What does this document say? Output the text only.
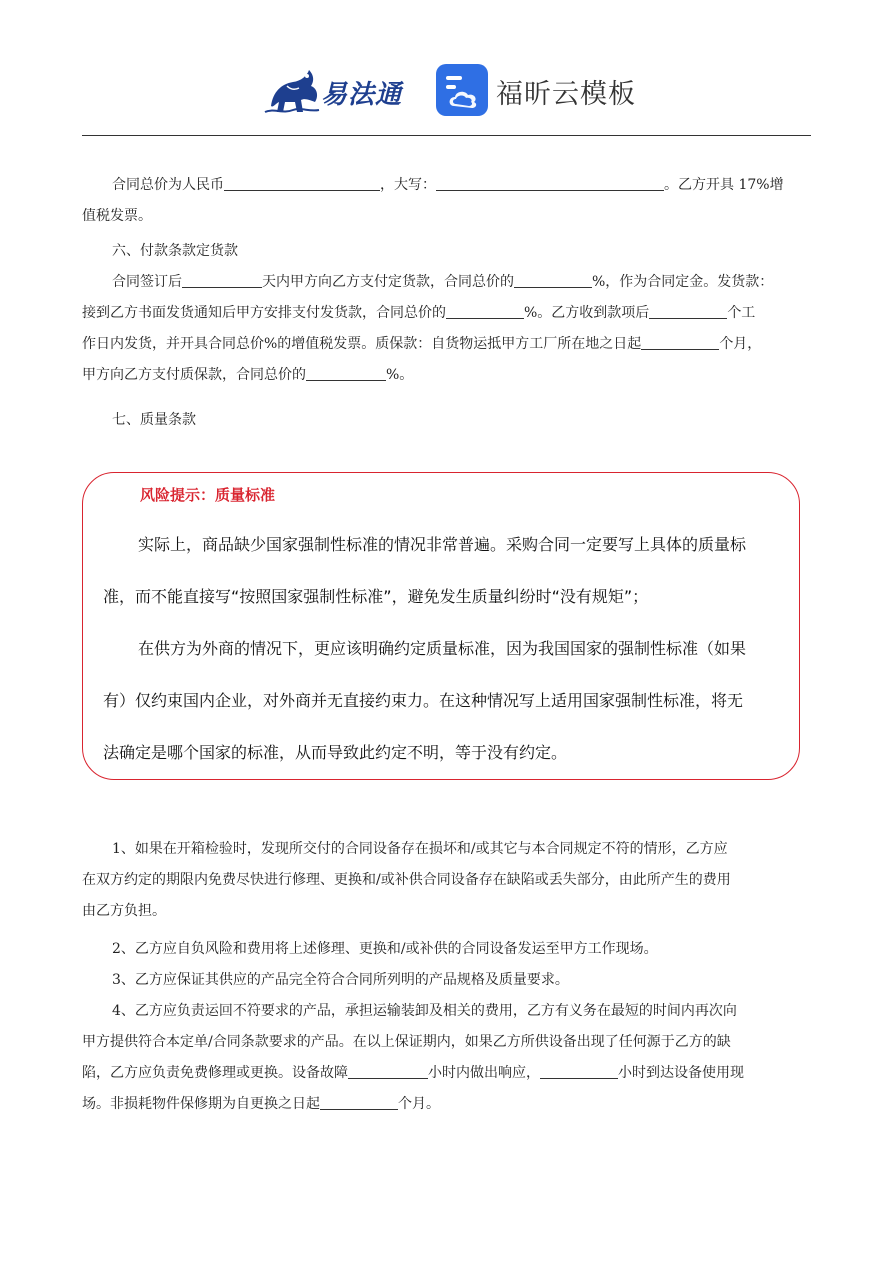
易法通	福昕云模板
合同总价为人民币	，大写：	。乙方开具 17%增
值税发票。
六、付款条款定货款
合同签订后	天内甲方向乙方支付定货款，合同总价的	%，作为合同定金。发货款：
接到乙方书面发货通知后甲方安排支付发货款，合同总价的	%。乙方收到款项后	个工
作日内发货，并开具合同总价%的增值税发票。质保款：自货物运抵甲方工厂所在地之日起	个月，
甲方向乙方支付质保款，合同总价的	%。
七、质量条款
风险提示：质量标准
实际上，商品缺少国家强制性标准的情况非常普遍。采购合同一定要写上具体的质量标
准，而不能直接写“按照国家强制性标准”，避免发生质量纠纷时“没有规矩”；
在供方为外商的情况下，更应该明确约定质量标准，因为我国国家的强制性标准（如果
有）仅约束国内企业，对外商并无直接约束力。在这种情况写上适用国家强制性标准，将无
法确定是哪个国家的标准，从而导致此约定不明，等于没有约定。
1、如果在开箱检验时，发现所交付的合同设备存在损坏和/或其它与本合同规定不符的情形，乙方应
在双方约定的期限内免费尽快进行修理、更换和/或补供合同设备存在缺陷或丢失部分，由此所产生的费用
由乙方负担。
2、乙方应自负风险和费用将上述修理、更换和/或补供的合同设备发运至甲方工作现场。
3、乙方应保证其供应的产品完全符合合同所列明的产品规格及质量要求。
4、乙方应负责运回不符要求的产品，承担运输装卸及相关的费用，乙方有义务在最短的时间内再次向
甲方提供符合本定单/合同条款要求的产品。在以上保证期内，如果乙方所供设备出现了任何源于乙方的缺
陷，乙方应负责免费修理或更换。设备故障	小时内做出响应，	小时到达设备使用现
场。非损耗物件保修期为自更换之日起	个月。
